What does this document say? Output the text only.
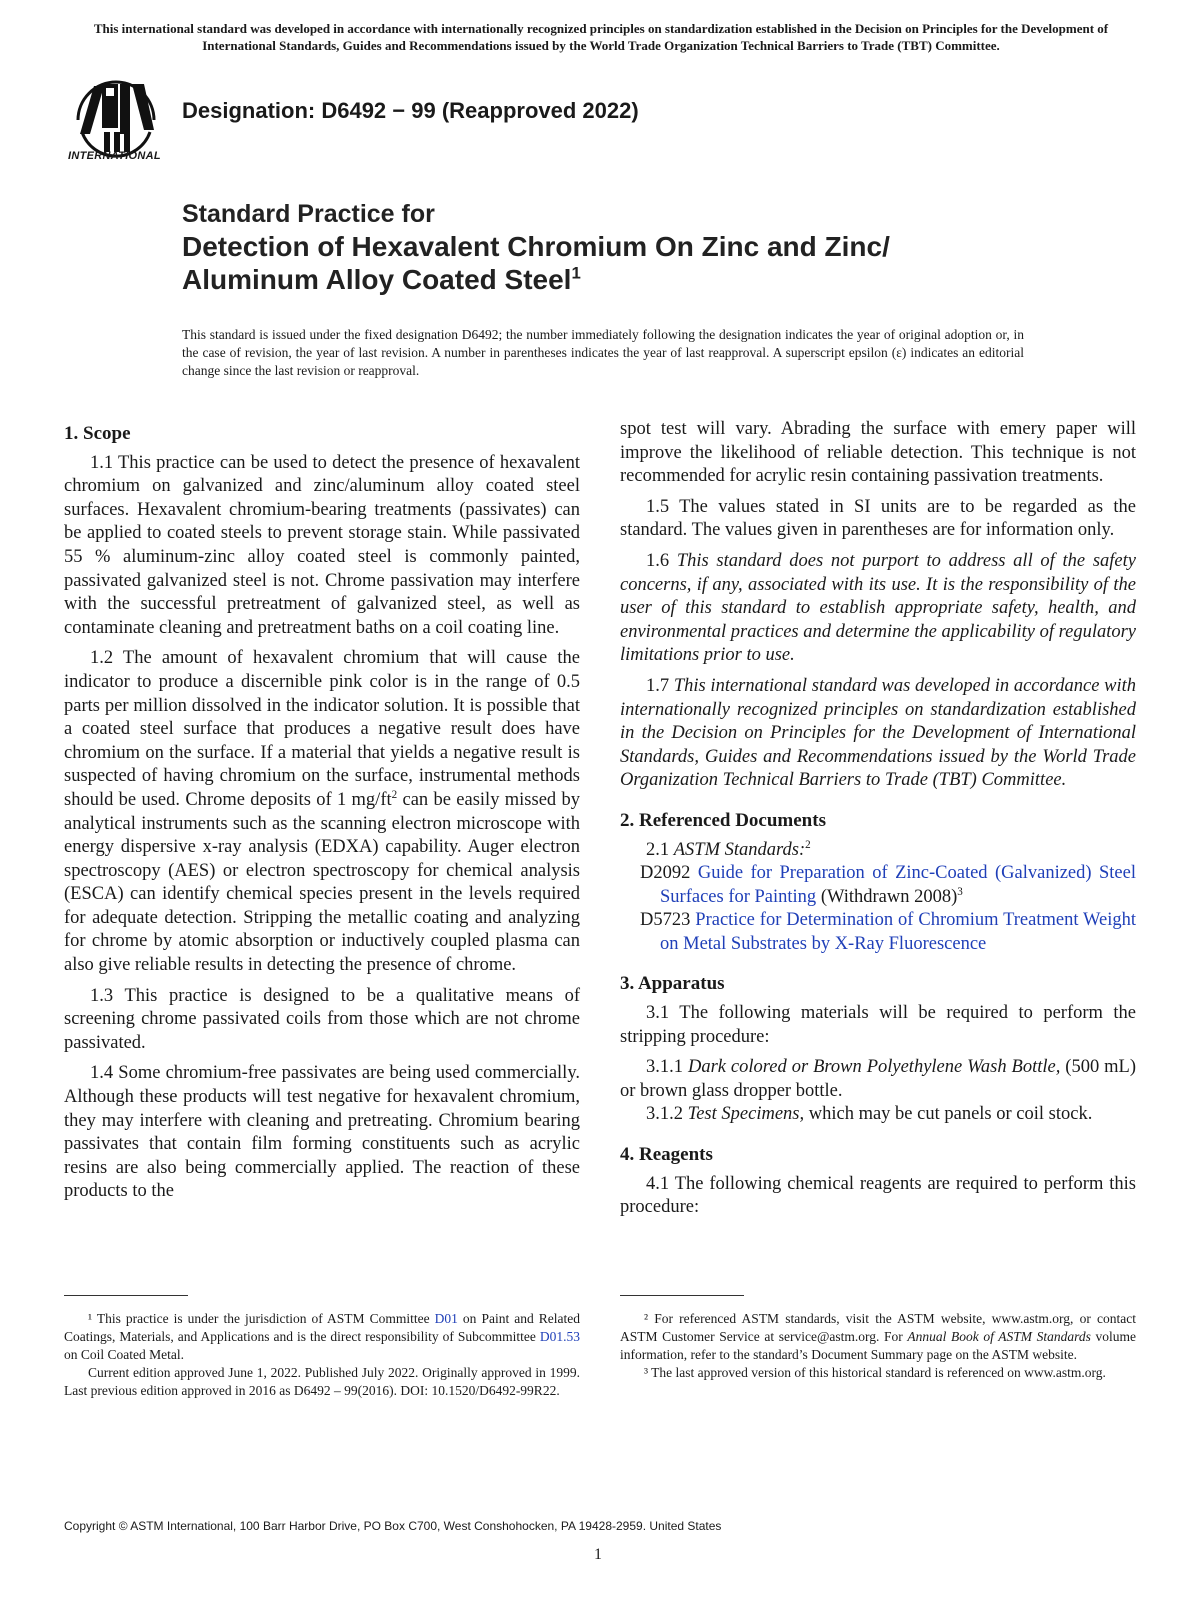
This international standard was developed in accordance with internationally recognized principles on standardization established in the Decision on Principles for the Development of International Standards, Guides and Recommendations issued by the World Trade Organization Technical Barriers to Trade (TBT) Committee.
INTERNATIONAL
Designation: D6492 − 99 (Reapproved 2022)
Standard Practice for
Detection of Hexavalent Chromium On Zinc and Zinc/
Aluminum Alloy Coated Steel$^1$
This standard is issued under the fixed designation D6492; the number immediately following the designation indicates the year of original adoption or, in the case of revision, the year of last revision. A number in parentheses indicates the year of last reapproval. A superscript epsilon (ε) indicates an editorial change since the last revision or reapproval.
1. Scope

1.1 This practice can be used to detect the presence of hexavalent chromium on galvanized and zinc/aluminum alloy coated steel surfaces. Hexavalent chromium-bearing treatments (passivates) can be applied to coated steels to prevent storage stain. While passivated 55 % aluminum-zinc alloy coated steel is commonly painted, passivated galvanized steel is not. Chrome passivation may interfere with the successful pretreatment of galvanized steel, as well as contaminate cleaning and pretreatment baths on a coil coating line.

1.2 The amount of hexavalent chromium that will cause the indicator to produce a discernible pink color is in the range of 0.5 parts per million dissolved in the indicator solution. It is possible that a coated steel surface that produces a negative result does have chromium on the surface. If a material that yields a negative result is suspected of having chromium on the surface, instrumental methods should be used. Chrome deposits of 1 $mg/ft^2$ can be easily missed by analytical instruments such as the scanning electron microscope with energy dispersive x-ray analysis (EDXA) capability. Auger electron spectroscopy (AES) or electron spectroscopy for chemical analysis (ESCA) can identify chemical species present in the levels required for adequate detection. Stripping the metallic coating and analyzing for chrome by atomic absorption or inductively coupled plasma can also give reliable results in detecting the presence of chrome.

1.3 This practice is designed to be a qualitative means of screening chrome passivated coils from those which are not chrome passivated.

1.4 Some chromium-free passivates are being used commercially. Although these products will test negative for hexavalent chromium, they may interfere with cleaning and pretreating. Chromium bearing passivates that contain film forming constituents such as acrylic resins are also being commercially applied. The reaction of these products to the

spot test will vary. Abrading the surface with emery paper will improve the likelihood of reliable detection. This technique is not recommended for acrylic resin containing passivation treatments.

1.5 The values stated in SI units are to be regarded as the standard. The values given in parentheses are for information only.

1.6 This standard does not purport to address all of the safety concerns, if any, associated with its use. It is the responsibility of the user of this standard to establish appropriate safety, health, and environmental practices and determine the applicability of regulatory limitations prior to use.

1.7 This international standard was developed in accordance with internationally recognized principles on standardization established in the Decision on Principles for the Development of International Standards, Guides and Recommendations issued by the World Trade Organization Technical Barriers to Trade (TBT) Committee.

2. Referenced Documents

2.1 ASTM Standards:$^2$

D2092 Guide for Preparation of Zinc-Coated (Galvanized) Steel Surfaces for Painting (Withdrawn 2008)$^3$

D5723 Practice for Determination of Chromium Treatment Weight on Metal Substrates by X-Ray Fluorescence

3. Apparatus

3.1 The following materials will be required to perform the stripping procedure:

3.1.1 Dark colored or Brown Polyethylene Wash Bottle, (500 mL) or brown glass dropper bottle.

3.1.2 Test Specimens, which may be cut panels or coil stock.

4. Reagents

4.1 The following chemical reagents are required to perform this procedure:

¹ This practice is under the jurisdiction of ASTM Committee D01 on Paint and Related Coatings, Materials, and Applications and is the direct responsibility of Subcommittee D01.53 on Coil Coated Metal.

Current edition approved June 1, 2022. Published July 2022. Originally approved in 1999. Last previous edition approved in 2016 as D6492 – 99(2016). DOI: 10.1520/D6492-99R22.

² For referenced ASTM standards, visit the ASTM website, www.astm.org, or contact ASTM Customer Service at service@astm.org. For Annual Book of ASTM Standards volume information, refer to the standard’s Document Summary page on the ASTM website.

³ The last approved version of this historical standard is referenced on www.astm.org.

Copyright © ASTM International, 100 Barr Harbor Drive, PO Box C700, West Conshohocken, PA 19428-2959. United States
1
